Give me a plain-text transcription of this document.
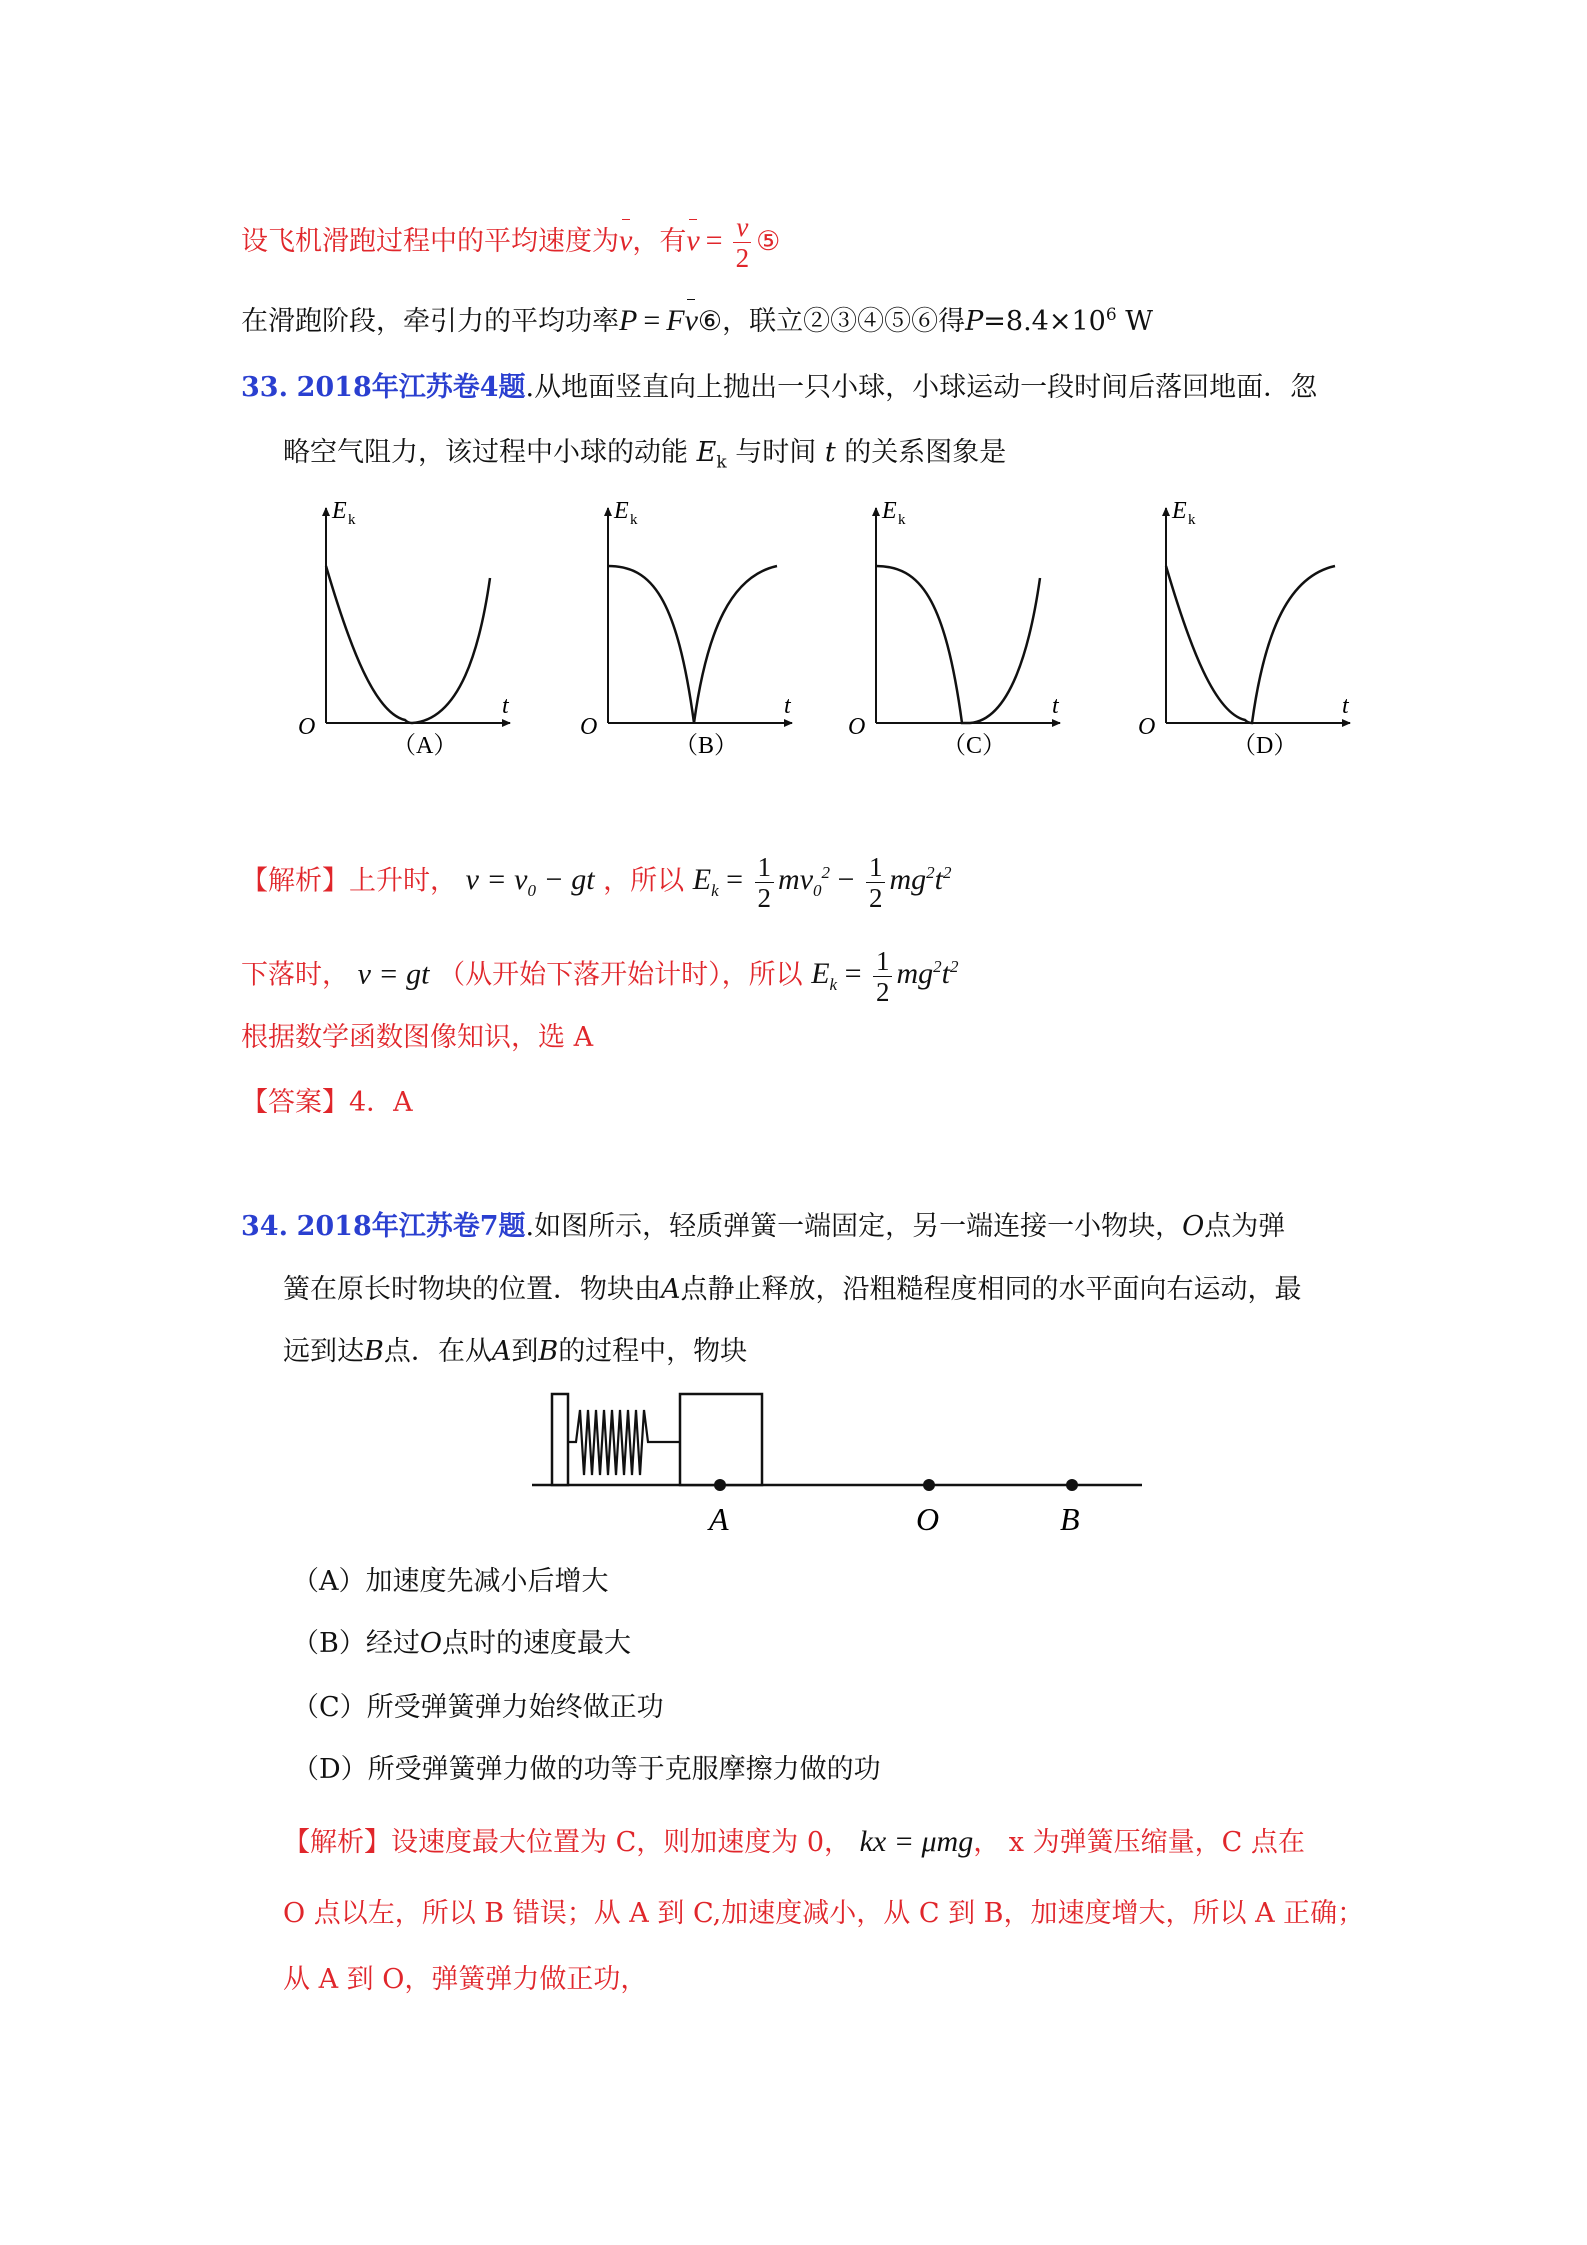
设飞机滑跑过程中的平均速度为v，有$v = \frac{v}{2}$ ⑤
在滑跑阶段，牵引力的平均功率P = Fv⑥，联立②③④⑤⑥得$P=8.4\times 10^6$ W
33. 2018年江苏卷4题.从地面竖直向上抛出一只小球，小球运动一段时间后落回地面．忽
略空气阻力，该过程中小球的动能 $E_k$ 与时间 t 的关系图象是
E k
t
O
（A）
E k
t
O
（B）
E k
t
O
（C）
E k
t
O
（D）
【解析】上升时， $v = v_0$ − gt ，所以 $E_k = \frac{1}{2} mv_0^2 - \frac{1}{2} mg^2t^2$
下落时， v = gt （从开始下落开始计时），所以 $E_k = \frac{1}{2} mg^2t^2$
根据数学函数图像知识，选 A
【答案】4．A
34. 2018年江苏卷7题.如图所示，轻质弹簧一端固定，另一端连接一小物块，O点为弹
簧在原长时物块的位置．物块由A点静止释放，沿粗糙程度相同的水平面向右运动，最
远到达B点．在从A到B的过程中，物块
A	O	B
（A）加速度先减小后增大
（B）经过O点时的速度最大
（C）所受弹簧弹力始终做正功
（D）所受弹簧弹力做的功等于克服摩擦力做的功
【解析】设速度最大位置为 C，则加速度为 0， kx = μmg， x 为弹簧压缩量，C 点在
O 点以左，所以 B 错误；从 A 到 C,加速度减小，从 C 到 B，加速度增大，所以 A 正确；
从 A 到 O，弹簧弹力做正功，
